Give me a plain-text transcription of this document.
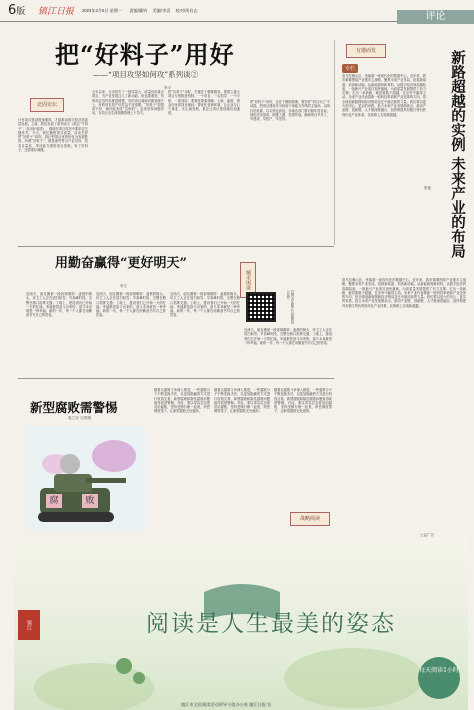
6版 镇江日报 2023年2月5日 星期一 责编/戴钧 美编/李喜 校对/周启志
评论
把“好料子”用好
——“项目攻坚如何攻”系列谈②
李平
北固论坛
只有项目建设提速增效，才能推动地方经济高质量发展。上周，我们发表了系列谈①《抓住“牛鼻子”，攻出好成绩》，强调在项目攻坚中要牵住关键环节。今天，我们聚焦项目质量，谈谈怎样把“好料子”用好，真正把项目优势转化为发展胜势。所谓“好料子”，就是那些符合产业导向、技术含量高、带动能力强的项目资源。有了好料子，还需要好裁缝。
去年以来，全市招引了一批体量大、质量优的重点项目，为产业发展注入了新动能。但也要看到，有的项目签约后推进缓慢，有的项目落地后配套跟不上，有的项目投产后效益不及预期。“好料子”如果用不好，就可能变成“边角料”。必须坚持问题导向，在项目全生命周期管理上下功夫。
把“好料子”用好，关键在于精准服务。要建立重大项目专班推进机制，一个项目、一名领导、一个专班、一抓到底；要强化要素保障，土地、能源、资金向优质项目倾斜；要优化营商环境，让企业专心干事业、安心谋发展，真正让项目建设跑出加速度。
把“好料子”用好，还在于精细管理。要坚持“项目为王”不动摇，把项目建设作为检验干部能力作风的主战场，以项目论英雄，以实绩比高低。各地各部门要对照年度目标，细化任务清单，倒排工期、挂图作战，确保项目早开工、早建成、早投产、早见效。
有感而发	新路超越的实例 未来产业的布局
张艳
专栏
喜马拉雅山区，坐落着一座现代化的数据中心。近年来，我市紧紧围绕产业强市主战略，聚焦未来产业布局，抢抓新赛道、培育新动能。从新能源到新材料，从数字经济到高端装备，一批新兴产业项目加快落地，为高质量发展提供了有力支撑。走出一条新路，就是要敢于超越，在竞争中赢得主动。未来产业代表着新一轮科技革命和产业变革的方向，是全球创新版图和经济格局变迁中最活跃的力量。我们要以更大的决心、更实的举措，抢占未来产业发展制高点，推动产业链、创新链、人才链深度融合，加快构建具有镇江特色的现代化产业体系，在新路上实现新超越。
喜马拉雅山区，坐落着一座现代化的数据中心。近年来，我市紧紧围绕产业强市主战略，聚焦未来产业布局，抢抓新赛道、培育新动能。从新能源到新材料，从数字经济到高端装备，一批新兴产业项目加快落地，为高质量发展提供了有力支撑。走出一条新路，就是要敢于超越，在竞争中赢得主动。未来产业代表着新一轮科技革命和产业变革的方向，是全球创新版图和经济格局变迁中最活跃的力量。我们要以更大的决心、更实的举措，抢占未来产业发展制高点，推动产业链、创新链、人才链深度融合，加快构建具有镇江特色的现代化产业体系，在新路上实现新超越。
用勤奋赢得“更好明天”
李文	城市闲谈
近两天，朋友圈被一段视频刷屏：凌晨的街头，环卫工人正在清扫积雪；早高峰时段，交警在路口指挥交通；工地上，建设者们已开始一天的忙碌。幸福都是奋斗出来的，奋斗本身就是一种幸福。新的一年，每一个人都在用勤奋书写自己的答卷。
近两天，朋友圈被一段视频刷屏：凌晨的街头，环卫工人正在清扫积雪；早高峰时段，交警在路口指挥交通；工地上，建设者们已开始一天的忙碌。幸福都是奋斗出来的，奋斗本身就是一种幸福。新的一年，每一个人都在用勤奋书写自己的答卷。
近两天，朋友圈被一段视频刷屏：凌晨的街头，环卫工人正在清扫积雪；早高峰时段，交警在路口指挥交通；工地上，建设者们已开始一天的忙碌。幸福都是奋斗出来的，奋斗本身就是一种幸福。新的一年，每一个人都在用勤奋书写自己的答卷。	扫码关注镇江日报微信公众号
近两天，朋友圈被一段视频刷屏：凌晨的街头，环卫工人正在清扫积雪；早高峰时段，交警在路口指挥交通；工地上，建设者们已开始一天的忙碌。幸福都是奋斗出来的，奋斗本身就是一种幸福。新的一年，每一个人都在用勤奋书写自己的答卷。
新型腐败需警惕
周之羽 文/供图
腐	败
随着反腐败斗争深入推进，一些腐败分子不断变换手法，以更加隐蔽的方式进行权钱交易，新型腐败和隐性腐败问题值得高度警惕。对此，要以零容忍态度惩治腐败，坚持受贿行贿一起查，织密制度笼子，让新型腐败无处遁形。
随着反腐败斗争深入推进，一些腐败分子不断变换手法，以更加隐蔽的方式进行权钱交易，新型腐败和隐性腐败问题值得高度警惕。对此，要以零容忍态度惩治腐败，坚持受贿行贿一起查，织密制度笼子，让新型腐败无处遁形。
随着反腐败斗争深入推进，一些腐败分子不断变换手法，以更加隐蔽的方式进行权钱交易，新型腐败和隐性腐败问题值得高度警惕。对此，要以零容忍态度惩治腐败，坚持受贿行贿一起查，织密制度笼子，让新型腐败无处遁形。
战略阅读
公益广告
镇江	阅读是人生最美的姿态
每天阅读1小时
镇江市全民阅读活动领导小组办公室 镇江日报 宣
